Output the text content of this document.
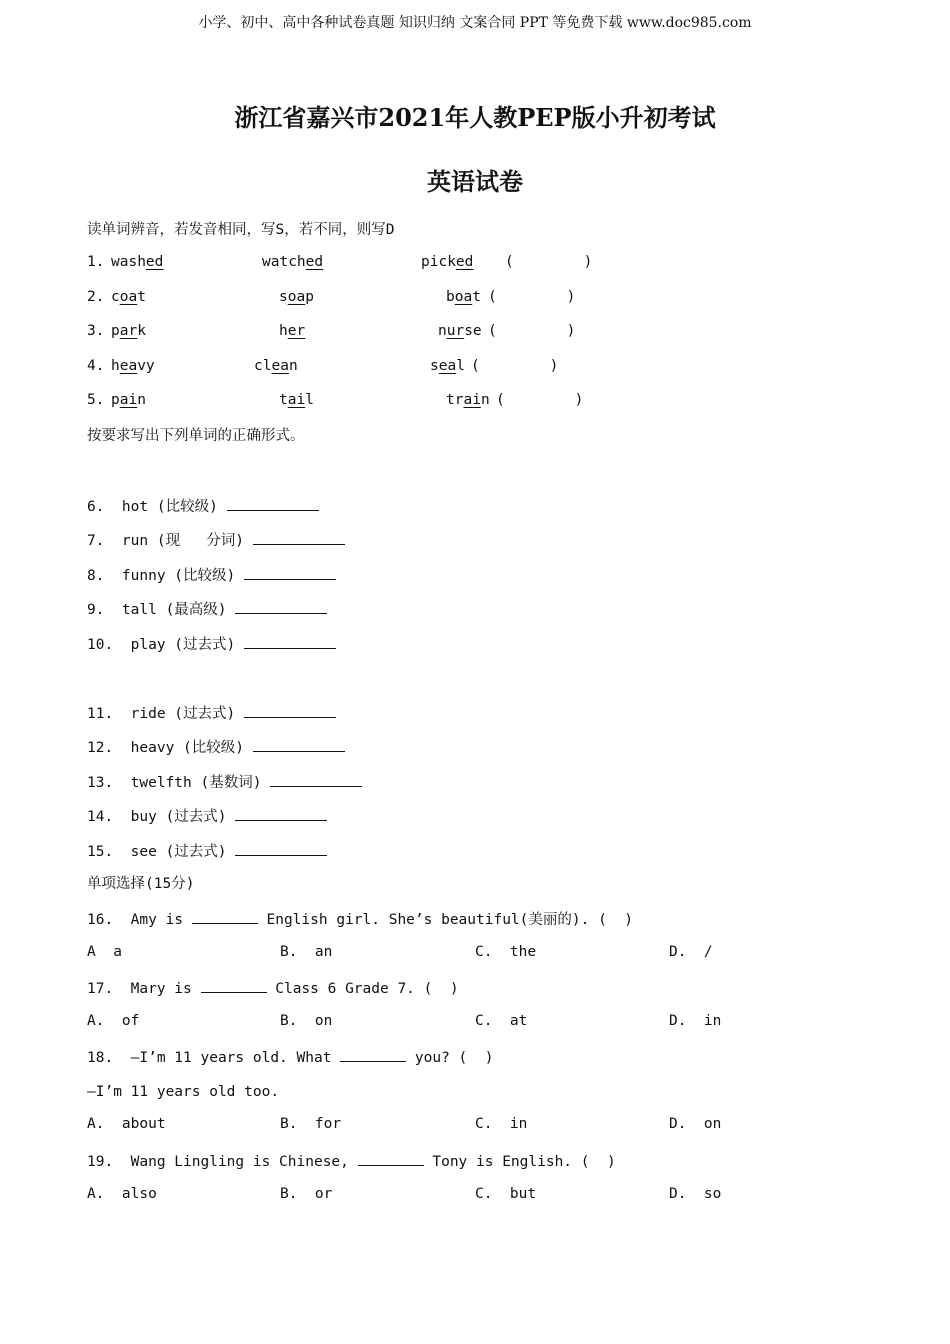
小学、初中、高中各种试卷真题 知识归纳 文案合同 PPT 等免费下载 www.doc985.com
浙江省嘉兴市2021年人教PEP版小升初考试
英语试卷
读单词辨音，若发音相同，写S，若不同，则写D
1. washed	watched	picked (        )
2. coat	soap	boat (        )
3. park	her	nurse (        )
4. heavy	clean	seal (        )
5. pain	tail	train (        )
按要求写出下列单词的正确形式。
6.  hot (比较级)
7.  run (现   分词)
8.  funny (比较级)
9.  tall (最高级)
10.  play (过去式)
11.  ride (过去式)
12.  heavy (比较级)
13.  twelfth (基数词)
14.  buy (过去式)
15.  see (过去式)
单项选择(15分)
16.  Amy is	English girl. She’s beautiful(美丽的). (  )
A  a	B.  an	C.  the	D.  /
17.  Mary is	Class 6 Grade 7. (  )
A.  of	B.  on	C.  at	D.  in
18.  —I’m 11 years old. What	you? (  )
—I’m 11 years old too.
A.  about	B.  for	C.  in	D.  on
19.  Wang Lingling is Chinese,	Tony is English. (  )
A.  also	B.  or	C.  but	D.  so
